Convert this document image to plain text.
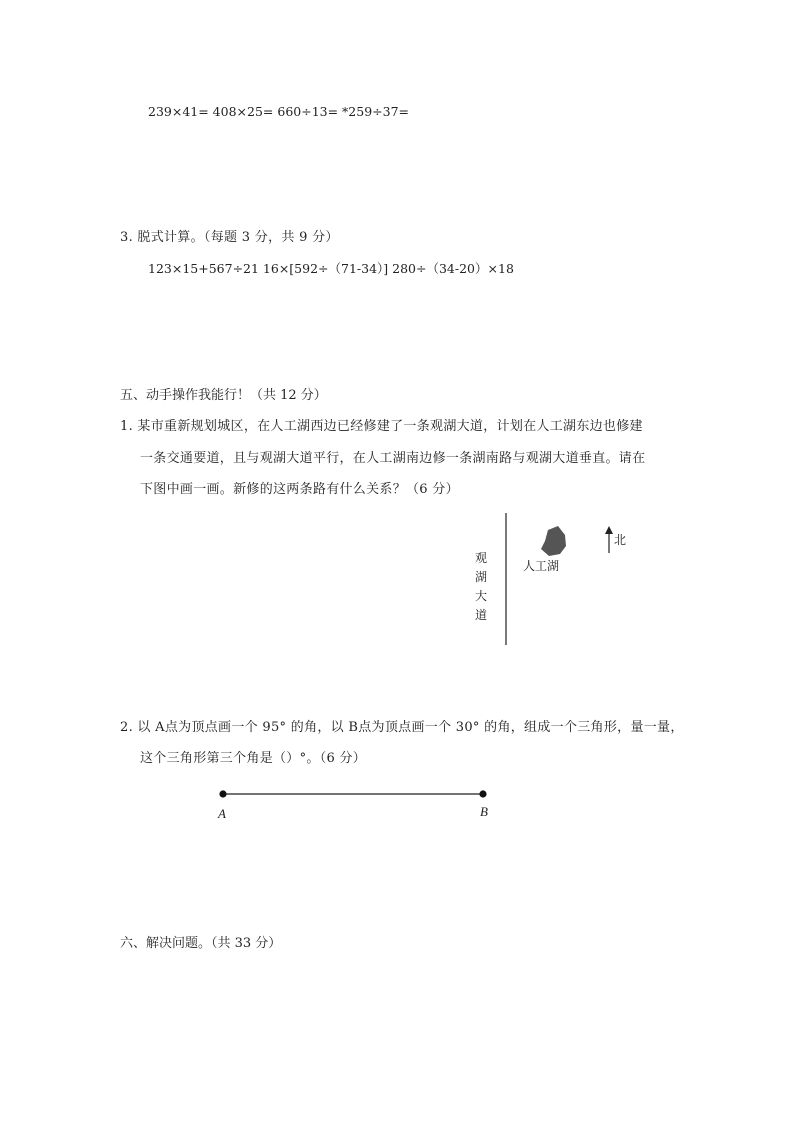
239×41= 408×25= 660÷13= *259÷37=
3. 脱式计算。（每题 3 分，共 9 分）
123×15+567÷21 16×[592÷（71-34）] 280÷（34-20）×18
五、动手操作我能行！（共 12 分）
1. 某市重新规划城区，在人工湖西边已经修建了一条观湖大道，计划在人工湖东边也修建
一条交通要道，且与观湖大道平行，在人工湖南边修一条湖南路与观湖大道垂直。请在
下图中画一画。新修的这两条路有什么关系？（6 分）
观
湖
大
道
人工湖
北
2. 以 A点为顶点画一个 95° 的角，以 B点为顶点画一个 30° 的角，组成一个三角形，量一量，
这个三角形第三个角是（）°。（6 分）
A	B
六、解决问题。（共 33 分）
